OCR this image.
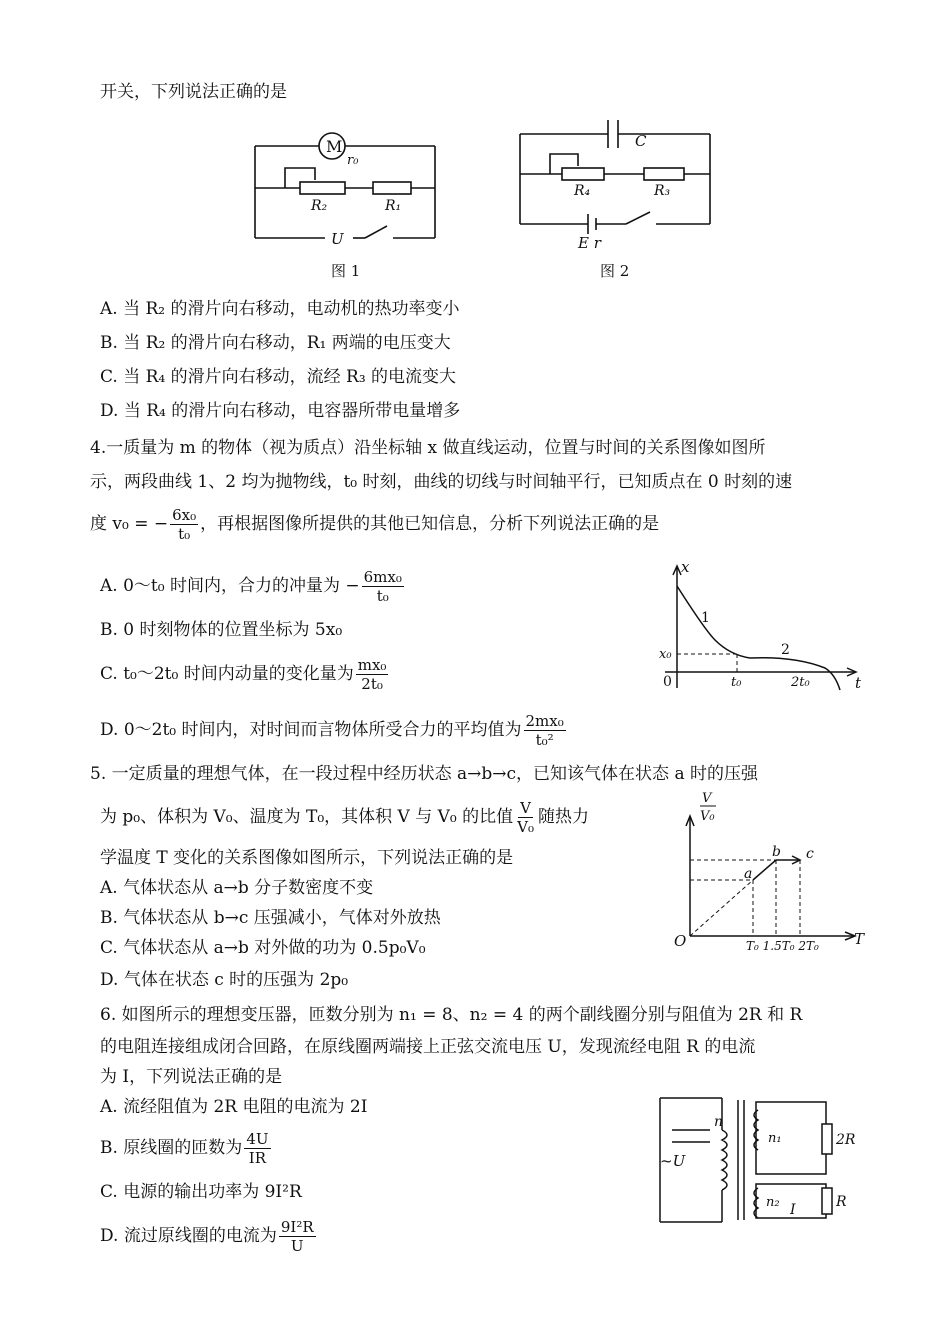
开关，下列说法正确的是
M
r₀
R₂	R₁
U
图 1
C
R₄	R₃
E r
图 2
A. 当 R₂ 的滑片向右移动，电动机的热功率变小
B. 当 R₂ 的滑片向右移动，R₁ 两端的电压变大
C. 当 R₄ 的滑片向右移动，流经 R₃ 的电流变大
D. 当 R₄ 的滑片向右移动，电容器所带电量增多
4.一质量为 m 的物体（视为质点）沿坐标轴 x 做直线运动，位置与时间的关系图像如图所
示，两段曲线 1、2 均为抛物线，t₀ 时刻，曲线的切线与时间轴平行，已知质点在 0 时刻的速
度 v₀ = − $\frac{\text{6x₀}}{\text{t₀}}$ ，再根据图像所提供的其他已知信息，分析下列说法正确的是
A. 0～t₀ 时间内，合力的冲量为 − $\frac{\text{6mx₀}}{\text{t₀}}$
B. 0 时刻物体的位置坐标为 5x₀
C. t₀～2t₀ 时间内动量的变化量为 $\frac{\text{mx₀}}{\text{2t₀}}$
D. 0～2t₀ 时间内，对时间而言物体所受合力的平均值为 $\frac{\text{2mx₀}}{\text{t₀²}}$
x
t
x₀
0	t₀	2t₀
1
2
5. 一定质量的理想气体，在一段过程中经历状态 a→b→c，已知该气体在状态 a 时的压强
为 p₀、体积为 V₀、温度为 T₀，其体积 V 与 V₀ 的比值 $\frac{V}{\text{V₀}}$ 随热力
学温度 T 变化的关系图像如图所示，下列说法正确的是
A. 气体状态从 a→b 分子数密度不变
B. 气体状态从 b→c 压强减小，气体对外放热
C. 气体状态从 a→b 对外做的功为 0.5p₀V₀
D. 气体在状态 c 时的压强为 2p₀
V
V₀
T
O
a
b c
T₀ 1.5T₀ 2T₀
6. 如图所示的理想变压器，匝数分别为 n₁ = 8、n₂ = 4 的两个副线圈分别与阻值为 2R 和 R
的电阻连接组成闭合回路，在原线圈两端接上正弦交流电压 U，发现流经电阻 R 的电流
为 I，下列说法正确的是
A. 流经阻值为 2R 电阻的电流为 2I
B. 原线圈的匝数为 $\frac{4U}{IR}$
C. 电源的输出功率为 9I²R
D. 流过原线圈的电流为 $\frac{\text{9I²R}}{U}$
n
~U
n₁	2R
n₂	R
I
